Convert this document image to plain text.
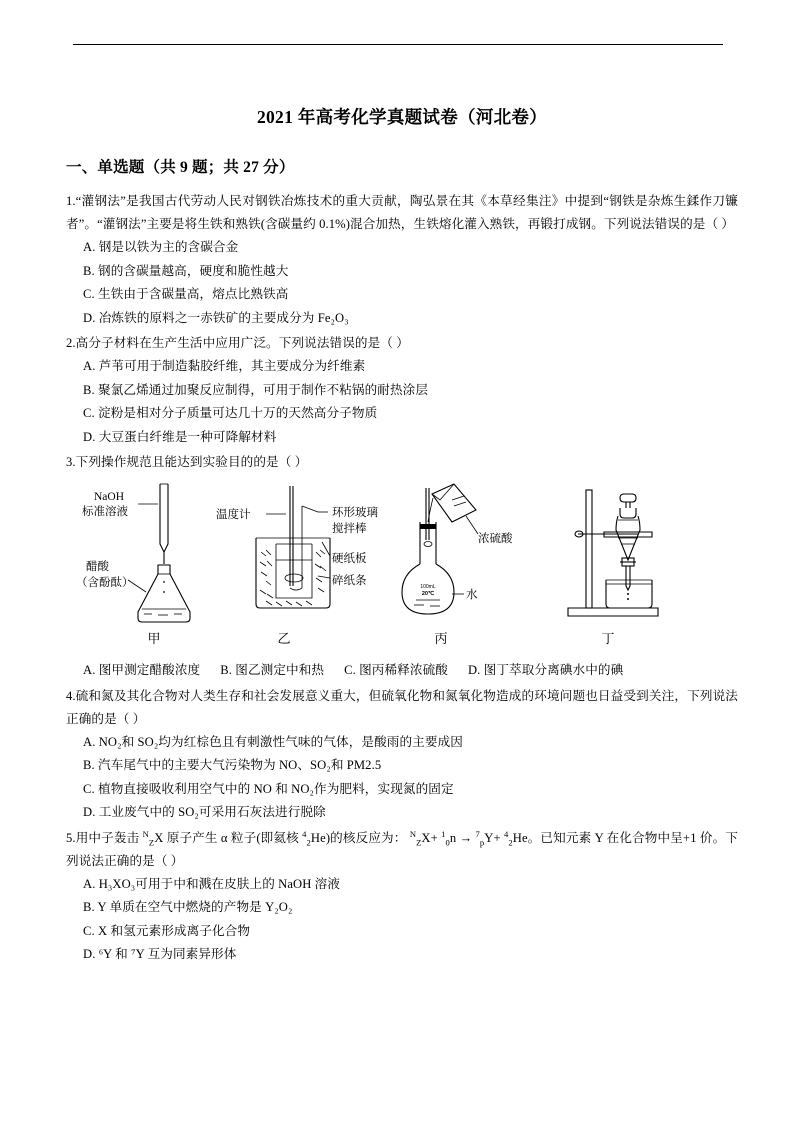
2021 年高考化学真题试卷（河北卷）
一、单选题（共 9 题；共 27 分）

1.“灌钢法”是我国古代劳动人民对钢铁冶炼技术的重大贡献，陶弘景在其《本草经集注》中提到“钢铁是杂炼生鍒作刀镰者”。“灌钢法”主要是将生铁和熟铁(含碳量约 0.1%)混合加热，生铁熔化灌入熟铁，再锻打成钢。下列说法错误的是（ ）

A. 钢是以铁为主的含碳合金
B. 钢的含碳量越高，硬度和脆性越大
C. 生铁由于含碳量高，熔点比熟铁高
D. 冶炼铁的原料之一赤铁矿的主要成分为 Fe₂O₃

2.高分子材料在生产生活中应用广泛。下列说法错误的是（ ）

A. 芦苇可用于制造黏胶纤维，其主要成分为纤维素
B. 聚氯乙烯通过加聚反应制得，可用于制作不粘锅的耐热涂层
C. 淀粉是相对分子质量可达几十万的天然高分子物质
D. 大豆蛋白纤维是一种可降解材料

3.下列操作规范且能达到实验目的的是（ ）

NaOH
标准溶液
醋酸
（含酚酞）
温度计	环形玻璃
搅拌棒
硬纸板
碎纸条
浓硫酸
水
100mL
20℃
甲	乙	丙	丁
A. 图甲测定醋酸浓度 B. 图乙测定中和热 C. 图丙稀释浓硫酸 D. 图丁萃取分离碘水中的碘

4.硫和氮及其化合物对人类生存和社会发展意义重大，但硫氧化物和氮氧化物造成的环境问题也日益受到关注，下列说法正确的是（ ）

A. NO₂和 SO₂均为红棕色且有刺激性气味的气体，是酸雨的主要成因
B. 汽车尾气中的主要大气污染物为 NO、SO₂和 PM2.5
C. 植物直接吸收利用空气中的 NO 和 NO₂作为肥料，实现氮的固定
D. 工业废气中的 SO₂可采用石灰法进行脱除

5.用中子轰击 $^N_Z$X 原子产生 α 粒子(即氦核 $^4_2$He)的核反应为： $^N_Z$X+ $^1_0$n → $^7_p$Y+ $^4_2$He。已知元素 Y 在化合物中呈+1 价。下列说法正确的是（ ）

A. H₃XO₃可用于中和溅在皮肤上的 NaOH 溶液
B. Y 单质在空气中燃烧的产物是 Y₂O₂
C. X 和氢元素形成离子化合物
D. ⁶Y 和 ⁷Y 互为同素异形体
